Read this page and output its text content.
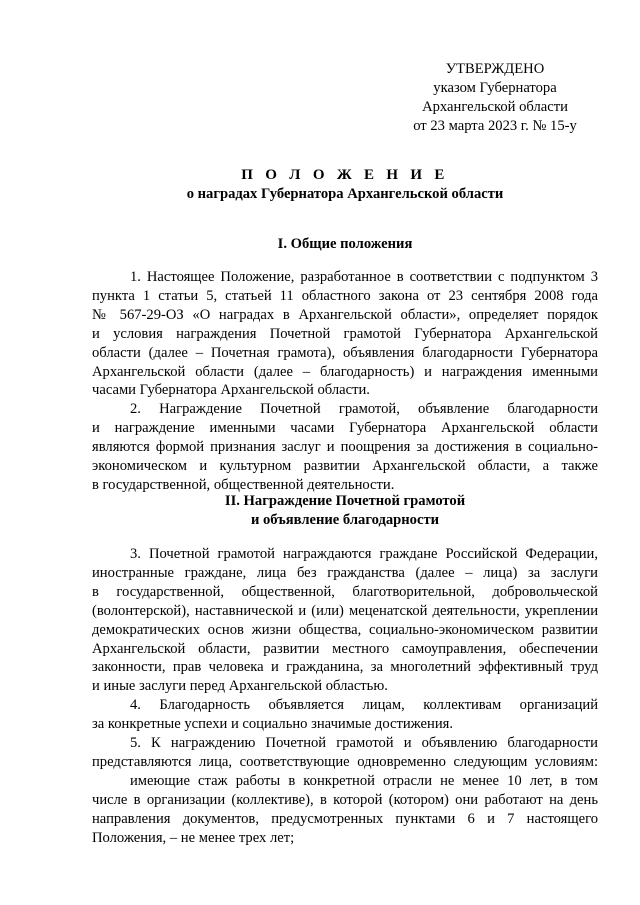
УТВЕРЖДЕНО
указом Губернатора
Архангельской области
от 23 марта 2023 г. № 15-у
П О Л О Ж Е Н И Е
о наградах Губернатора Архангельской области
I. Общие положения
1. Настоящее Положение, разработанное в соответствии с подпунктом 3
пункта 1 статьи 5, статьей 11 областного закона от 23 сентября 2008 года
№ 567-29-ОЗ «О наградах в Архангельской области», определяет порядок
и условия награждения Почетной грамотой Губернатора Архангельской
области (далее – Почетная грамота), объявления благодарности Губернатора
Архангельской области (далее – благодарность) и награждения именными
часами Губернатора Архангельской области.
2. Награждение Почетной грамотой, объявление благодарности
и награждение именными часами Губернатора Архангельской области
являются формой признания заслуг и поощрения за достижения в социально-
экономическом и культурном развитии Архангельской области, а также
в государственной, общественной деятельности.
II. Награждение Почетной грамотой
и объявление благодарности
3. Почетной грамотой награждаются граждане Российской Федерации,
иностранные граждане, лица без гражданства (далее – лица) за заслуги
в государственной, общественной, благотворительной, добровольческой
(волонтерской), наставнической и (или) меценатской деятельности, укреплении
демократических основ жизни общества, социально-экономическом развитии
Архангельской области, развитии местного самоуправления, обеспечении
законности, прав человека и гражданина, за многолетний эффективный труд
и иные заслуги перед Архангельской областью.
4. Благодарность объявляется лицам, коллективам организаций
за конкретные успехи и социально значимые достижения.
5. К награждению Почетной грамотой и объявлению благодарности
представляются лица, соответствующие одновременно следующим условиям:
имеющие стаж работы в конкретной отрасли не менее 10 лет, в том
числе в организации (коллективе), в которой (котором) они работают на день
направления документов, предусмотренных пунктами 6 и 7 настоящего
Положения, – не менее трех лет;
